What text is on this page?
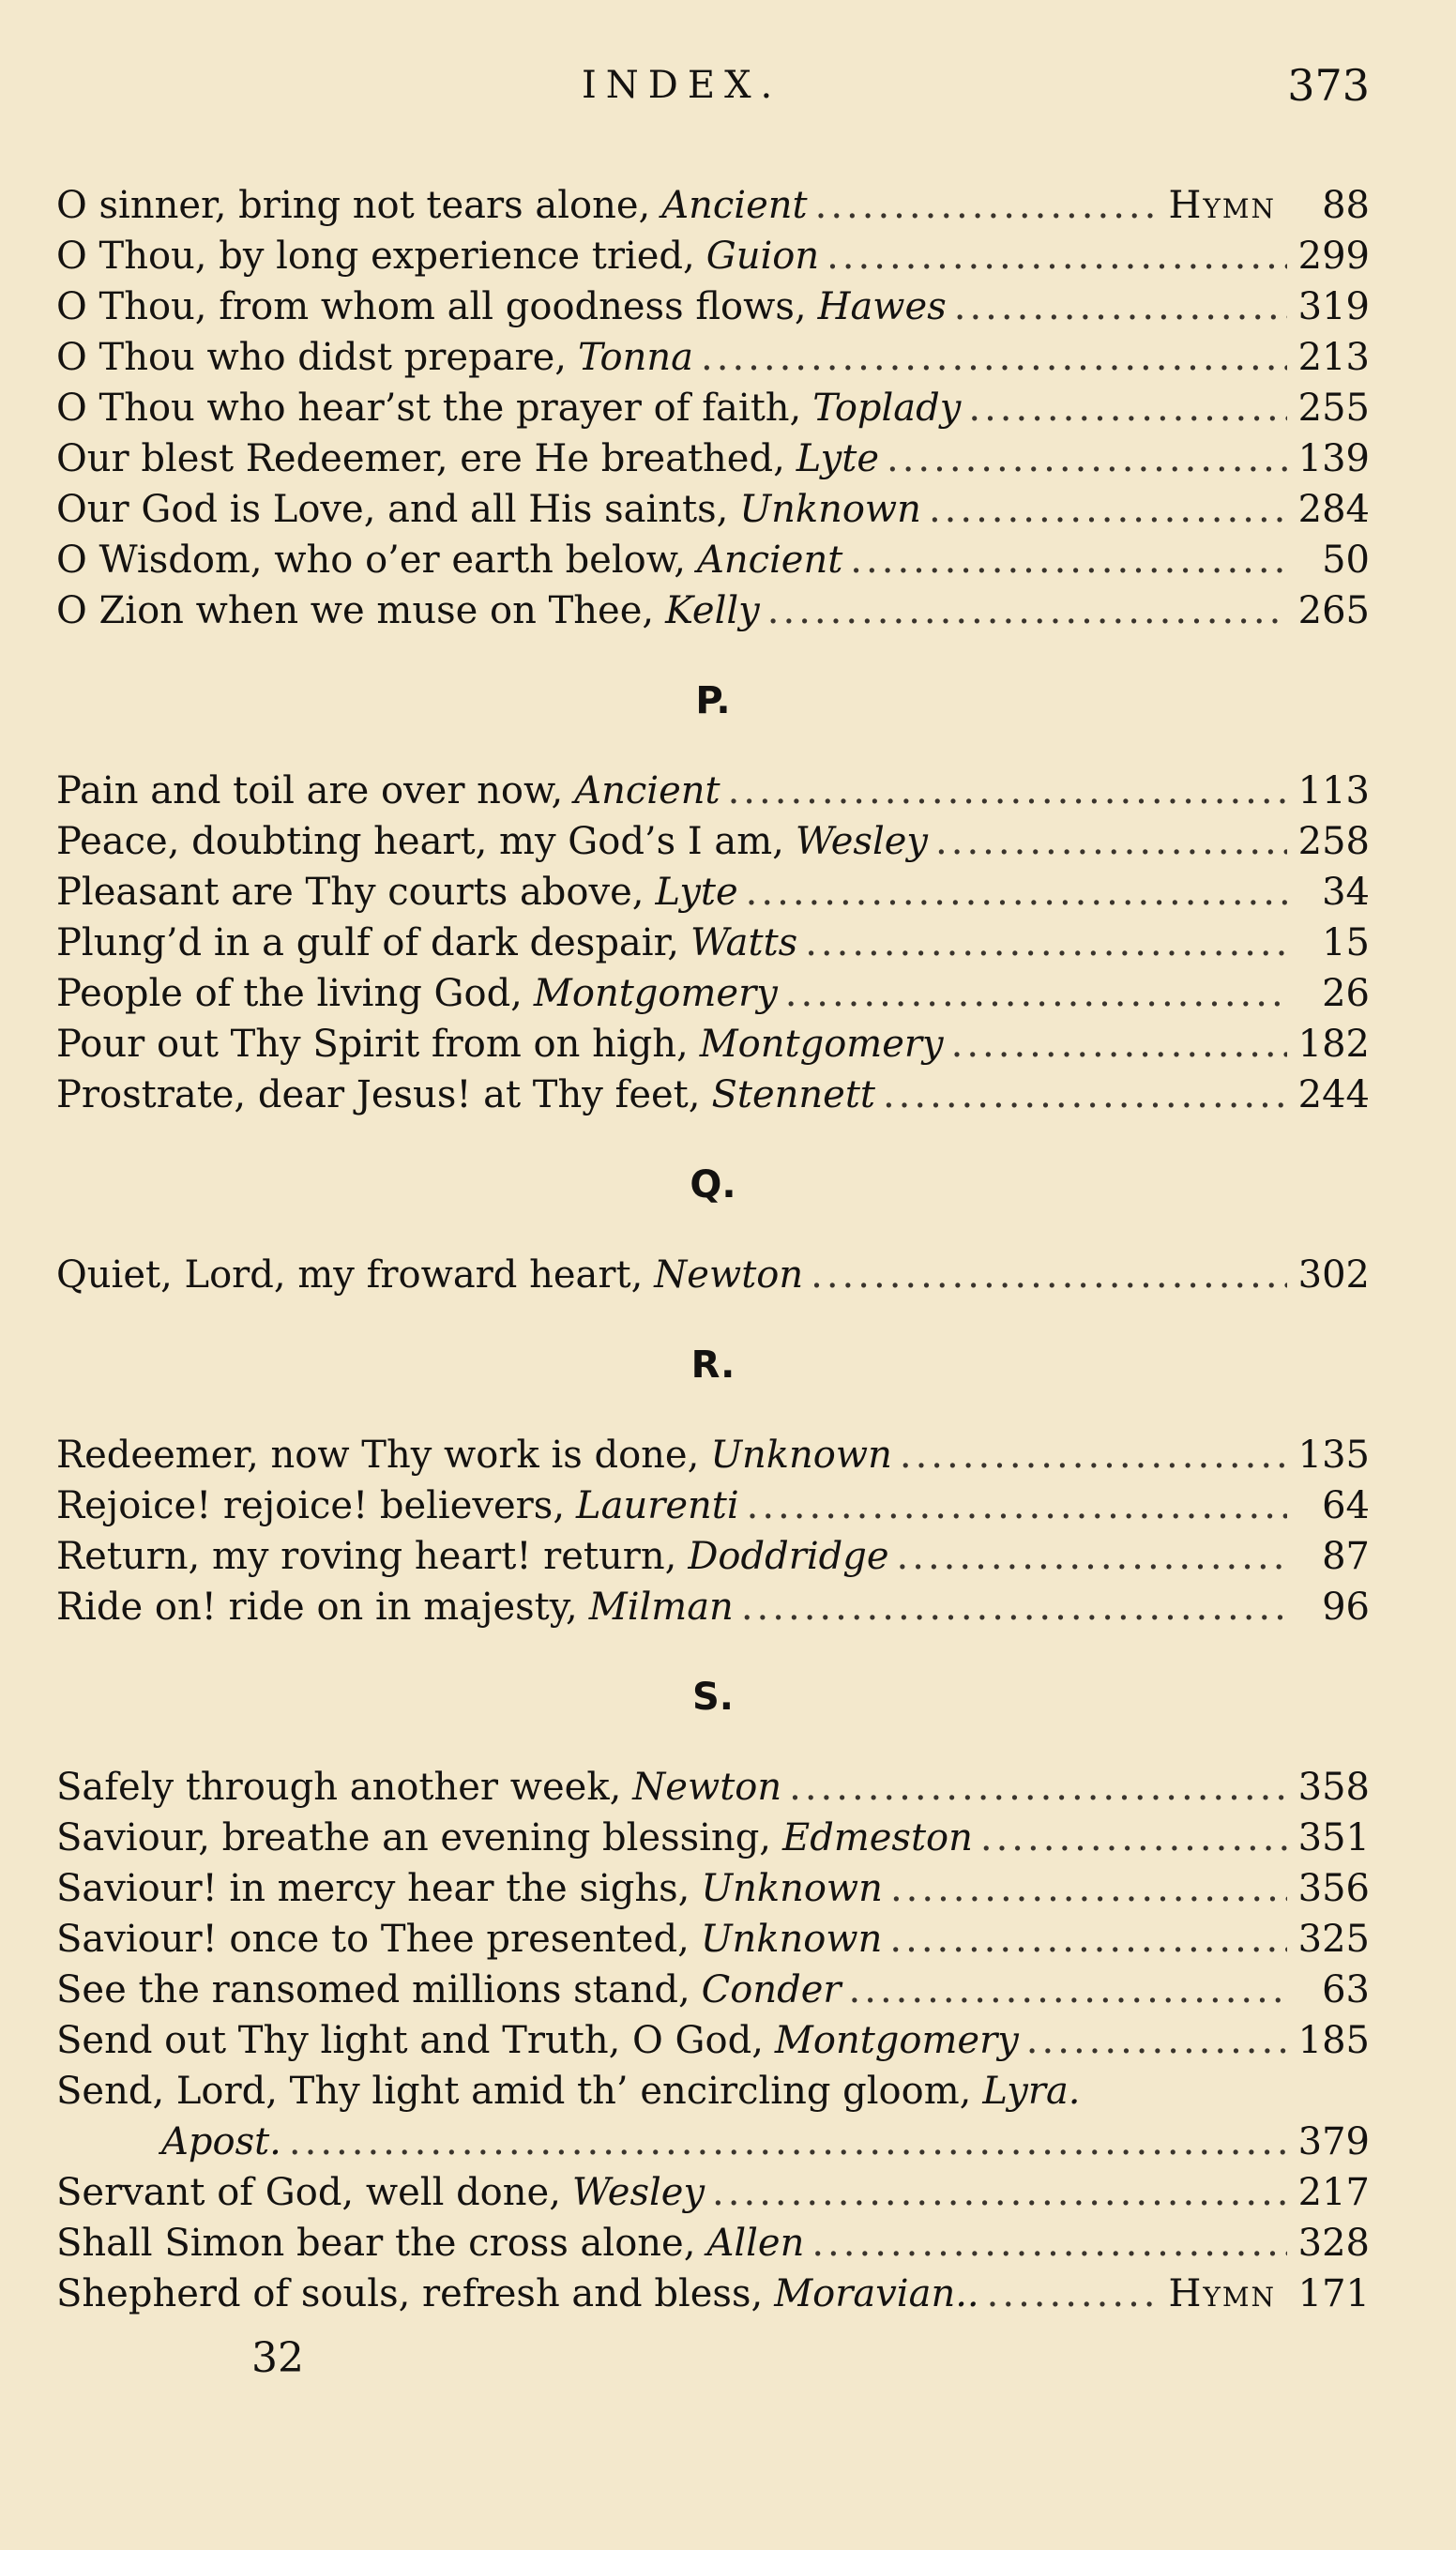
INDEX.	373
O sinner, bring not tears alone, Ancient .....	Hymn	88
O Thou, by long experience tried, Guion .....	299
O Thou, from whom all goodness flows, Hawes .....	319
O Thou who didst prepare, Tonna .....	213
O Thou who hear’st the prayer of faith, Toplady .....	255
Our blest Redeemer, ere He breathed, Lyte .....	139
Our God is Love, and all His saints, Unknown .....	284
O Wisdom, who o’er earth below, Ancient .....	50
O Zion when we muse on Thee, Kelly .....	265
P.
Pain and toil are over now, Ancient .....	113
Peace, doubting heart, my God’s I am, Wesley .....	258
Pleasant are Thy courts above, Lyte .....	34
Plung’d in a gulf of dark despair, Watts .....	15
People of the living God, Montgomery .....	26
Pour out Thy Spirit from on high, Montgomery .....	182
Prostrate, dear Jesus! at Thy feet, Stennett .....	244
Q.
Quiet, Lord, my froward heart, Newton .....	302
R.
Redeemer, now Thy work is done, Unknown .....	135
Rejoice! rejoice! believers, Laurenti .....	64
Return, my roving heart! return, Doddridge .....	87
Ride on! ride on in majesty, Milman .....	96
S.
Safely through another week, Newton .....	358
Saviour, breathe an evening blessing, Edmeston .....	351
Saviour! in mercy hear the sighs, Unknown .....	356
Saviour! once to Thee presented, Unknown .....	325
See the ransomed millions stand, Conder .....	63
Send out Thy light and Truth, O God, Montgomery .....	185
Send, Lord, Thy light amid th’ encircling gloom, Lyra.
Apost. .....	379
Servant of God, well done, Wesley .....	217
Shall Simon bear the cross alone, Allen .....	328
Shepherd of souls, refresh and bless, Moravian.. .....	Hymn 171
32
